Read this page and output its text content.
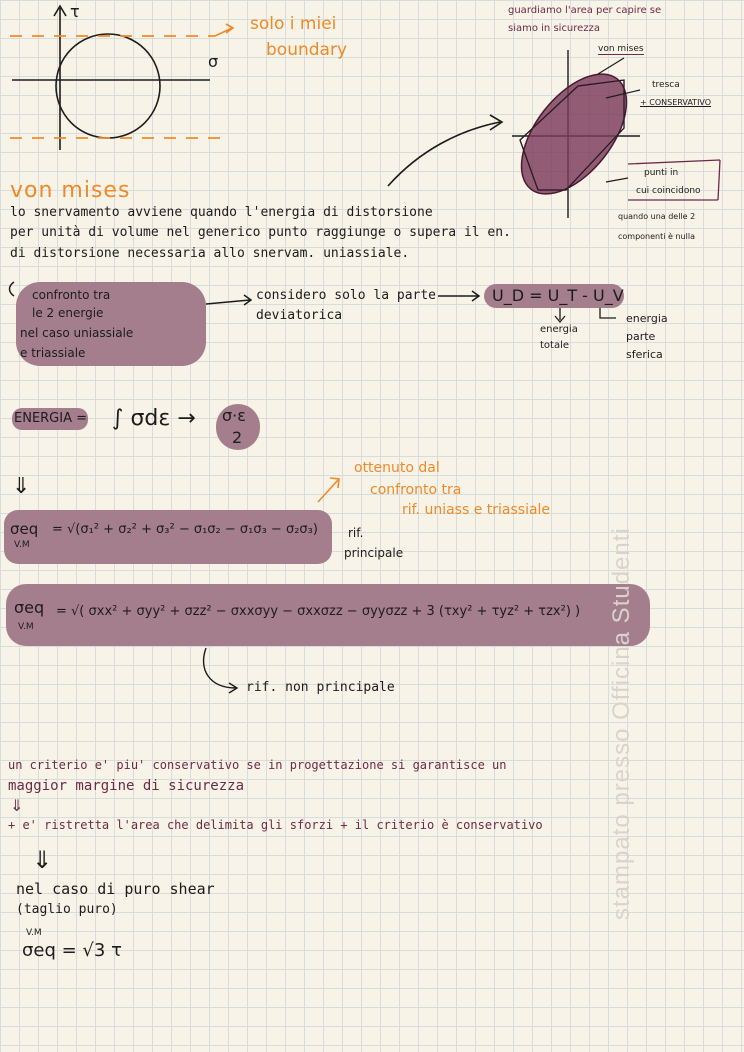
τ
σ
solo i miei
boundary
guardiamo l'area per capire se
siamo in sicurezza
von mises
tresca
+ CONSERVATIVO
punti in
cui coincidono
quando una delle 2
componenti è nulla
von mises
lo snervamento avviene quando l'energia di distorsione
per unità di volume nel generico punto raggiunge o supera il en.
di distorsione necessaria allo snervam. uniassiale.
confronto tra
le 2 energie
nel caso uniassiale
e triassiale
considero solo la parte
deviatorica
U_D = U_T - U_V
energia
totale
energia
parte
sferica
ENERGIA = ∫ σdε → σ·ε
2
⇓
ottenuto dal
confronto tra
rif. uniass e triassiale
σeq
V.M
= √(σ₁² + σ₂² + σ₃² − σ₁σ₂ − σ₁σ₃ − σ₂σ₃)	rif.
principale
σeq
V.M
= √( σxx² + σyy² + σzz² − σxxσyy − σxxσzz − σyyσzz + 3 (τxy² + τyz² + τzx²) )
rif. non principale
un criterio e' piu' conservativo se in progettazione si garantisce un
maggior margine di sicurezza
⇓
+ e' ristretta l'area che delimita gli sforzi + il criterio è conservativo
⇓
nel caso di puro shear
(taglio puro)
V.M
σeq = √3 τ
stampato presso Officina Studenti
